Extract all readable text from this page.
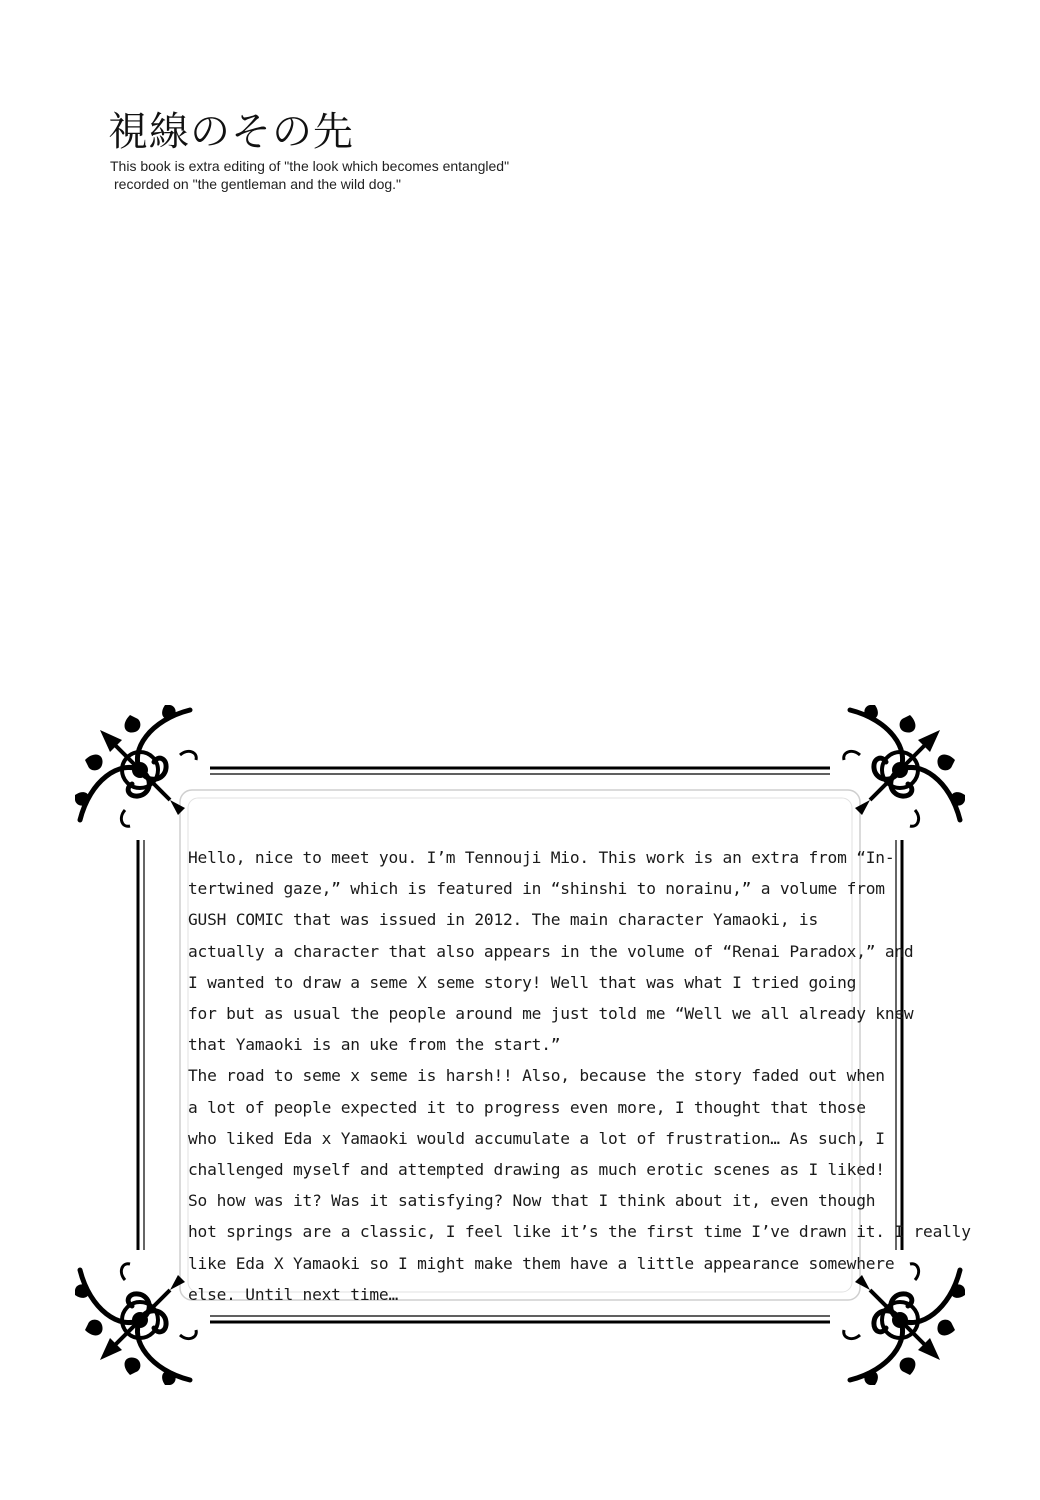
視線のその先
This book is extra editing of "the look which becomes entangled"
recorded on "the gentleman and the wild dog."
Hello, nice to meet you. I’m Tennouji Mio. This work is an extra from “In-
tertwined gaze,” which is featured in “shinshi to norainu,” a volume from
GUSH COMIC that was issued in 2012. The main character Yamaoki, is
actually a character that also appears in the volume of “Renai Paradox,” and
I wanted to draw a seme X seme story! Well that was what I tried going
for but as usual the people around me just told me “Well we all already knew
that Yamaoki is an uke from the start.”
The road to seme x seme is harsh!! Also, because the story faded out when
a lot of people expected it to progress even more, I thought that those
who liked Eda x Yamaoki would accumulate a lot of frustration… As such, I
challenged myself and attempted drawing as much erotic scenes as I liked!
So how was it? Was it satisfying? Now that I think about it, even though
hot springs are a classic, I feel like it’s the first time I’ve drawn it. I really
like Eda X Yamaoki so I might make them have a little appearance somewhere
else. Until next time…
